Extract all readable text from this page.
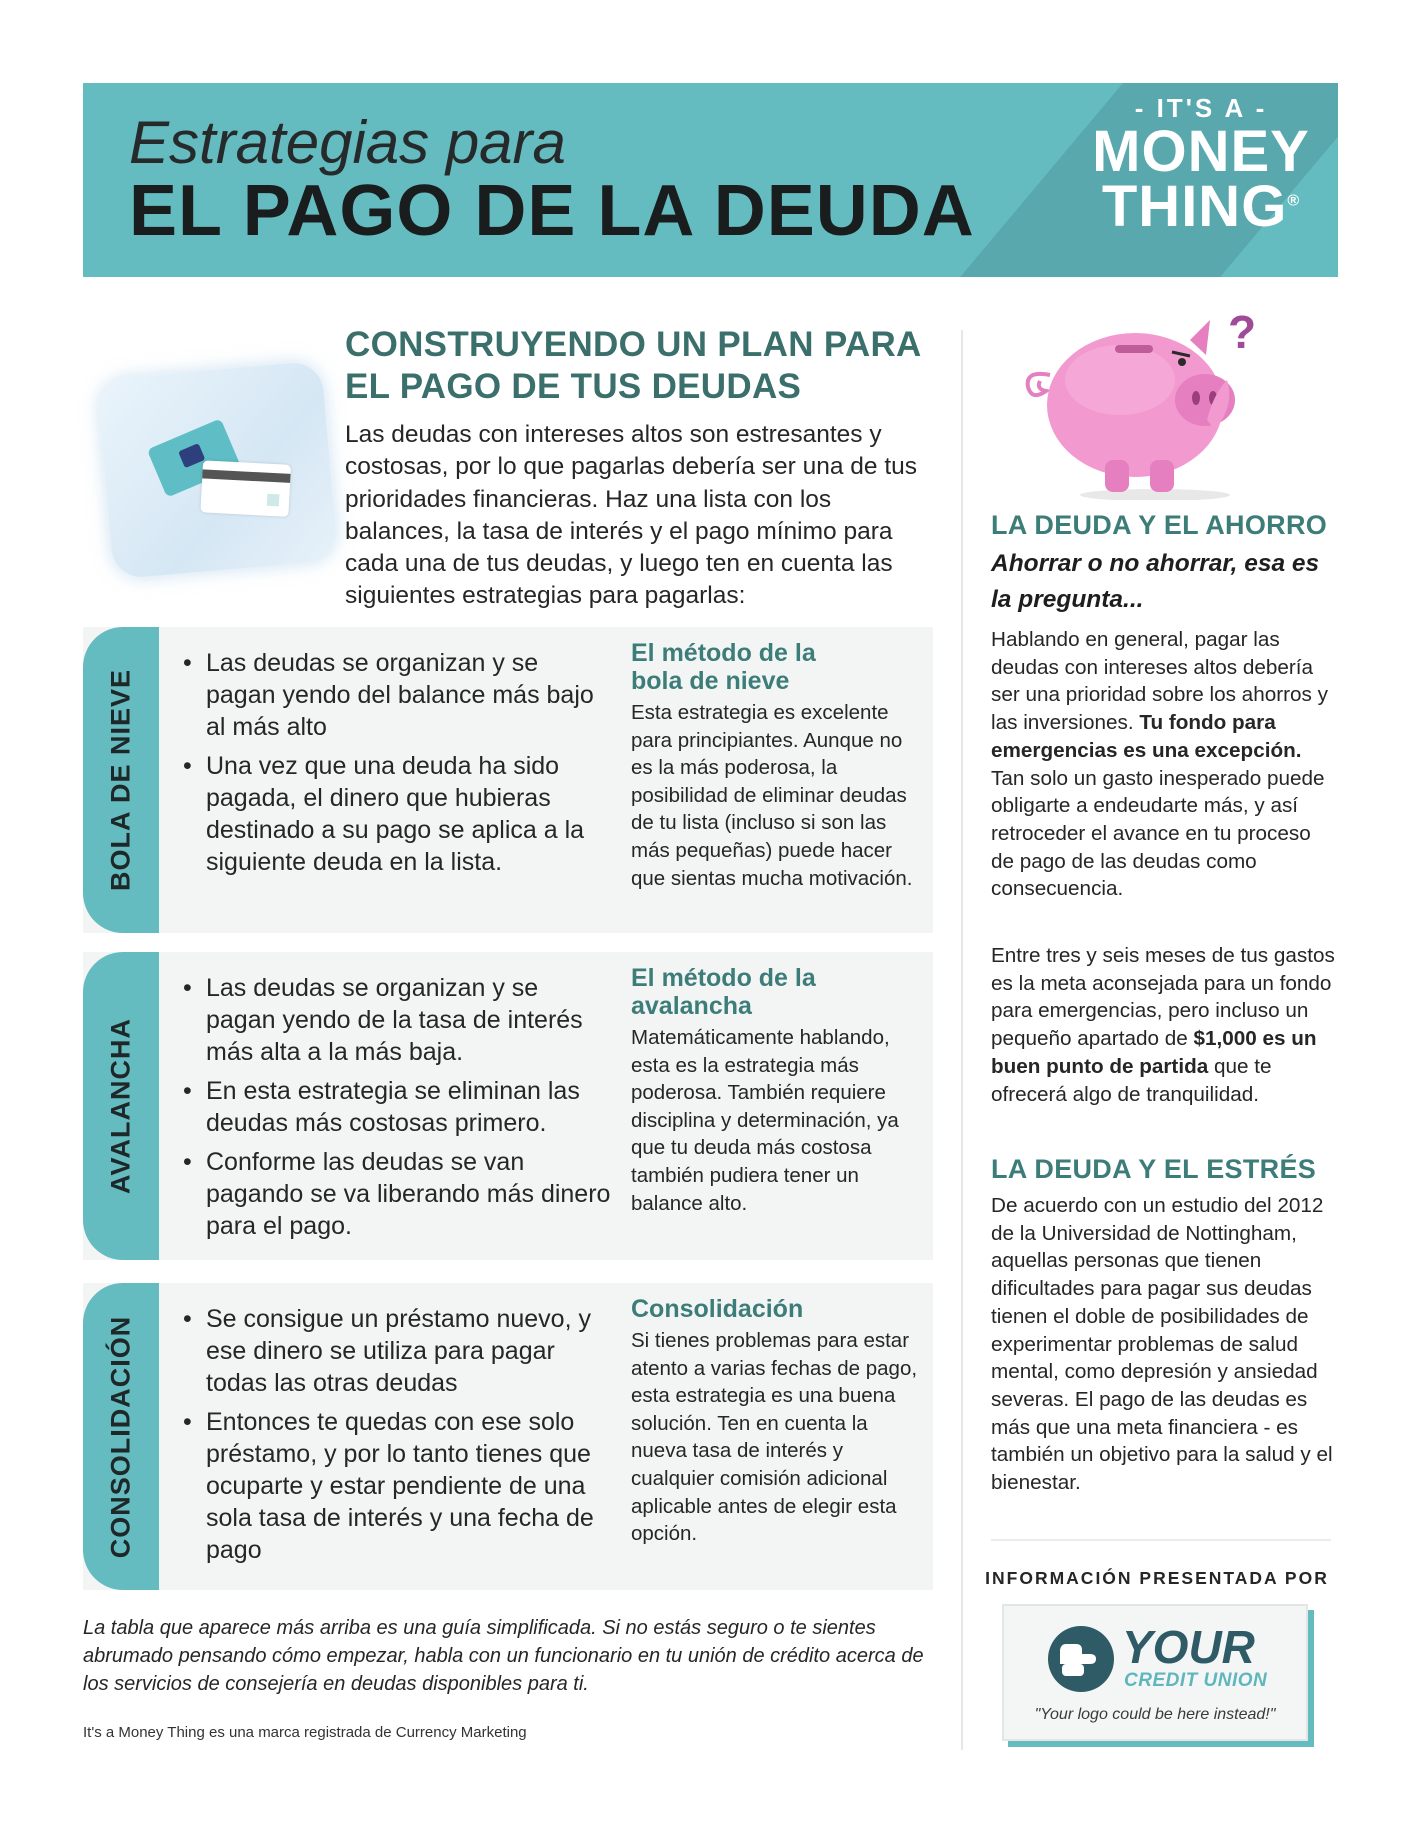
Estrategias para
EL PAGO DE LA DEUDA
- IT'S A -
MONEY
THING®
CONSTRUYENDO UN PLAN PARA
EL PAGO DE TUS DEUDAS
Las deudas con intereses altos son estresantes y costosas, por lo que pagarlas debería ser una de tus prioridades financieras. Haz una lista con los balances, la tasa de interés y el pago mínimo para cada una de tus deudas, y luego ten en cuenta las siguientes estrategias para pagarlas:
BOLA DE NIEVE
• Las deudas se organizan y se pagan yendo del balance más bajo al más alto
• Una vez que una deuda ha sido pagada, el dinero que hubieras destinado a su pago se aplica a la siguiente deuda en la lista.
El método de la bola de nieve
Esta estrategia es excelente para principiantes. Aunque no es la más poderosa, la posibilidad de eliminar deudas de tu lista (incluso si son las más pequeñas) puede hacer que sientas mucha motivación.
AVALANCHA
• Las deudas se organizan y se pagan yendo de la tasa de interés más alta a la más baja.
• En esta estrategia se eliminan las deudas más costosas primero.
• Conforme las deudas se van pagando se va liberando más dinero para el pago.
El método de la avalancha
Matemáticamente hablando, esta es la estrategia más poderosa. También requiere disciplina y determinación, ya que tu deuda más costosa también pudiera tener un balance alto.
CONSOLIDACIÓN
•	Se consigue un préstamo nuevo, y ese dinero se utiliza para pagar todas las otras deudas
• Entonces te quedas con ese solo préstamo, y por lo tanto tienes que ocuparte y estar pendiente de una sola tasa de interés y una fecha de pago
Consolidación
Si tienes problemas para estar atento a varias fechas de pago, esta estrategia es una buena solución. Ten en cuenta la nueva tasa de interés y cualquier comisión adicional aplicable antes de elegir esta opción.
La tabla que aparece más arriba es una guía simplificada. Si no estás seguro o te sientes abrumado pensando cómo empezar, habla con un funcionario en tu unión de crédito acerca de los servicios de consejería en deudas disponibles para ti.
It's a Money Thing es una marca registrada de Currency Marketing
?
LA DEUDA Y EL AHORRO
Ahorrar o no ahorrar, esa es la pregunta...
Hablando en general, pagar las deudas con intereses altos debería ser una prioridad sobre los ahorros y las inversiones. Tu fondo para emergencias es una excepción. Tan solo un gasto inesperado puede obligarte a endeudarte más, y así retroceder el avance en tu proceso de pago de las deudas como consecuencia.
Entre tres y seis meses de tus gastos es la meta aconsejada para un fondo para emergencias, pero incluso un pequeño apartado de $1,000 es un buen punto de partida que te ofrecerá algo de tranquilidad.
LA DEUDA Y EL ESTRÉS
De acuerdo con un estudio del 2012 de la Universidad de Nottingham, aquellas personas que tienen dificultades para pagar sus deudas tienen el doble de posibilidades de experimentar problemas de salud mental, como depresión y ansiedad severas. El pago de las deudas es más que una meta financiera - es también un objetivo para la salud y el bienestar.
INFORMACIÓN PRESENTADA POR
YOUR
CREDIT UNION
"Your logo could be here instead!"
